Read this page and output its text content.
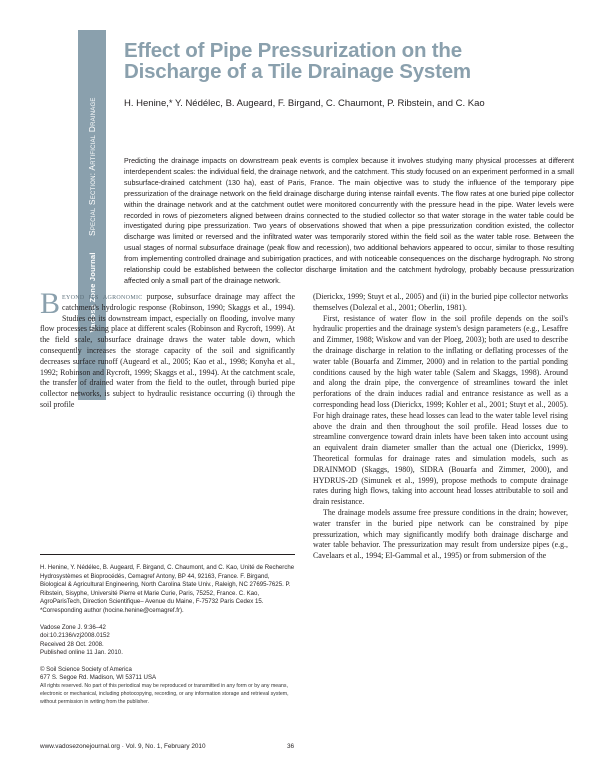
Vadose Zone Journal Special Section: Artificial Drainage
Effect of Pipe Pressurization on the Discharge of a Tile Drainage System
H. Henine,* Y. Nédélec, B. Augeard, F. Birgand, C. Chaumont, P. Ribstein, and C. Kao
Predicting the drainage impacts on downstream peak events is complex because it involves studying many physical processes at different interdependent scales: the individual field, the drainage network, and the catchment. This study focused on an experiment performed in a small subsurface-drained catchment (130 ha), east of Paris, France. The main objective was to study the influence of the temporary pipe pressurization of the drainage network on the field drainage discharge during intense rainfall events. The flow rates at one buried pipe collector within the drainage network and at the catchment outlet were monitored concurrently with the pressure head in the pipe. Water levels were recorded in rows of piezometers aligned between drains connected to the studied collector so that water storage in the water table could be investigated during pipe pressurization. Two years of observations showed that when a pipe pressurization condition existed, the collector discharge was limited or reversed and the infiltrated water was temporarily stored within the field soil as the water table rose. Between the usual stages of normal subsurface drainage (peak flow and recession), two additional behaviors appeared to occur, similar to those resulting from implementing controlled drainage and subirrigation practices, and with noticeable consequences on the discharge hydrograph. No strong relationship could be established between the collector discharge limitation and the catchment hydrology, probably because pressurization affected only a small part of the drainage network.

Beyond its agronomic purpose, subsurface drainage may affect the catchment's hydrologic response (Robinson, 1990; Skaggs et al., 1994). Studies on its downstream impact, especially on flooding, involve many flow processes taking place at different scales (Robinson and Rycroft, 1999). At the field scale, subsurface drainage draws the water table down, which consequently increases the storage capacity of the soil and significantly decreases surface runoff (Augeard et al., 2005; Kao et al., 1998; Konyha et al., 1992; Robinson and Rycroft, 1999; Skaggs et al., 1994). At the catchment scale, the transfer of drained water from the field to the outlet, through buried pipe collector networks, is subject to hydraulic resistance occurring (i) through the soil profile

(Dierickx, 1999; Stuyt et al., 2005) and (ii) in the buried pipe collector networks themselves (Dolezal et al., 2001; Oberlin, 1981).

First, resistance of water flow in the soil profile depends on the soil's hydraulic properties and the drainage system's design parameters (e.g., Lesaffre and Zimmer, 1988; Wiskow and van der Ploeg, 2003); both are used to describe the drainage discharge in relation to the inflating or deflating processes of the water table (Bouarfa and Zimmer, 2000) and in relation to the partial ponding conditions caused by the high water table (Salem and Skaggs, 1998). Around and along the drain pipe, the convergence of streamlines toward the inlet perforations of the drain induces radial and entrance resistance as well as a corresponding head loss (Dierickx, 1999; Kohler et al., 2001; Stuyt et al., 2005). For high drainage rates, these head losses can lead to the water table level rising above the drain and then throughout the soil profile. Head losses due to streamline convergence toward drain inlets have been taken into account using an equivalent drain diameter smaller than the actual one (Dierickx, 1999). Theoretical formulas for drainage rates and simulation models, such as DRAINMOD (Skaggs, 1980), SIDRA (Bouarfa and Zimmer, 2000), and HYDRUS-2D (Simunek et al., 1999), propose methods to compute drainage rates during high flows, taking into account head losses attributable to soil and drain resistance.

The drainage models assume free pressure conditions in the drain; however, water transfer in the buried pipe network can be constrained by pipe pressurization, which may significantly modify both drainage discharge and water table behavior. The pressurization may result from undersize pipes (e.g., Cavelaars et al., 1994; El-Gammal et al., 1995) or from submersion of the

H. Henine, Y. Nédélec, B. Augeard, F. Birgand, C. Chaumont, and C. Kao, Unité de Recherche Hydrosystèmes et Bioprocédés, Cemagref Antony, BP 44, 92163, France. F. Birgand, Biological & Agricultural Engineering, North Carolina State Univ., Raleigh, NC 27695-7625. P. Ribstein, Sisyphe, Université Pierre et Marie Curie, Paris, 75252, France. C. Kao, AgroParisTech, Direction Scientifique– Avenue du Maine, F-75732 Paris Cedex 15. *Corresponding author (hocine.henine@cemagref.fr).

Vadose Zone J. 9:36–42
doi:10.2136/vzj2008.0152
Received 28 Oct. 2008.
Published online 11 Jan. 2010.

© Soil Science Society of America
677 S. Segoe Rd. Madison, WI 53711 USA
All rights reserved. No part of this periodical may be reproduced or transmitted in any form or by any means, electronic or mechanical, including photocopying, recording, or any information storage and retrieval system, without permission in writing from the publisher.
www.vadosezonejournal.org · Vol. 9, No. 1, February 2010	36
